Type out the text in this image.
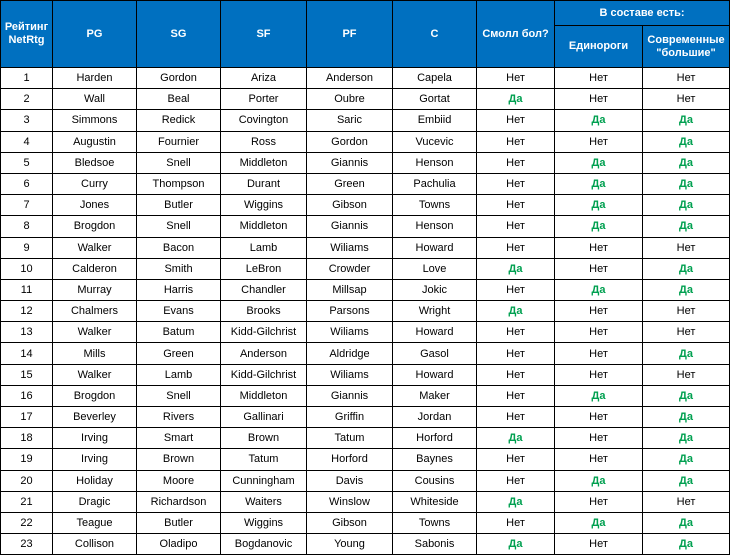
Рейтинг NetRtg	PG	SG	SF	PF	C	Смолл бол?	В составе есть:	
							Единороги	Современные "большие"
1	Harden	Gordon	Ariza	Anderson	Capela	Нет	Нет	Нет
2	Wall	Beal	Porter	Oubre	Gortat	Да	Нет	Нет
3	Simmons	Redick	Covington	Saric	Embiid	Нет	Да	Да
4	Augustin	Fournier	Ross	Gordon	Vucevic	Нет	Нет	Да
5	Bledsoe	Snell	Middleton	Giannis	Henson	Нет	Да	Да
6	Curry	Thompson	Durant	Green	Pachulia	Нет	Да	Да
7	Jones	Butler	Wiggins	Gibson	Towns	Нет	Да	Да
8	Brogdon	Snell	Middleton	Giannis	Henson	Нет	Да	Да
9	Walker	Bacon	Lamb	Wiliams	Howard	Нет	Нет	Нет
10	Calderon	Smith	LeBron	Crowder	Love	Да	Нет	Да
11	Murray	Harris	Chandler	Millsap	Jokic	Нет	Да	Да
12	Chalmers	Evans	Brooks	Parsons	Wright	Да	Нет	Нет
13	Walker	Batum	Kidd-Gilchrist	Wiliams	Howard	Нет	Нет	Нет
14	Mills	Green	Anderson	Aldridge	Gasol	Нет	Нет	Да
15	Walker	Lamb	Kidd-Gilchrist	Wiliams	Howard	Нет	Нет	Нет
16	Brogdon	Snell	Middleton	Giannis	Maker	Нет	Да	Да
17	Beverley	Rivers	Gallinari	Griffin	Jordan	Нет	Нет	Да
18	Irving	Smart	Brown	Tatum	Horford	Да	Нет	Да
19	Irving	Brown	Tatum	Horford	Baynes	Нет	Нет	Да
20	Holiday	Moore	Cunningham	Davis	Cousins	Нет	Да	Да
21	Dragic	Richardson	Waiters	Winslow	Whiteside	Да	Нет	Нет
22	Teague	Butler	Wiggins	Gibson	Towns	Нет	Да	Да
23	Collison	Oladipo	Bogdanovic	Young	Sabonis	Да	Нет	Да
